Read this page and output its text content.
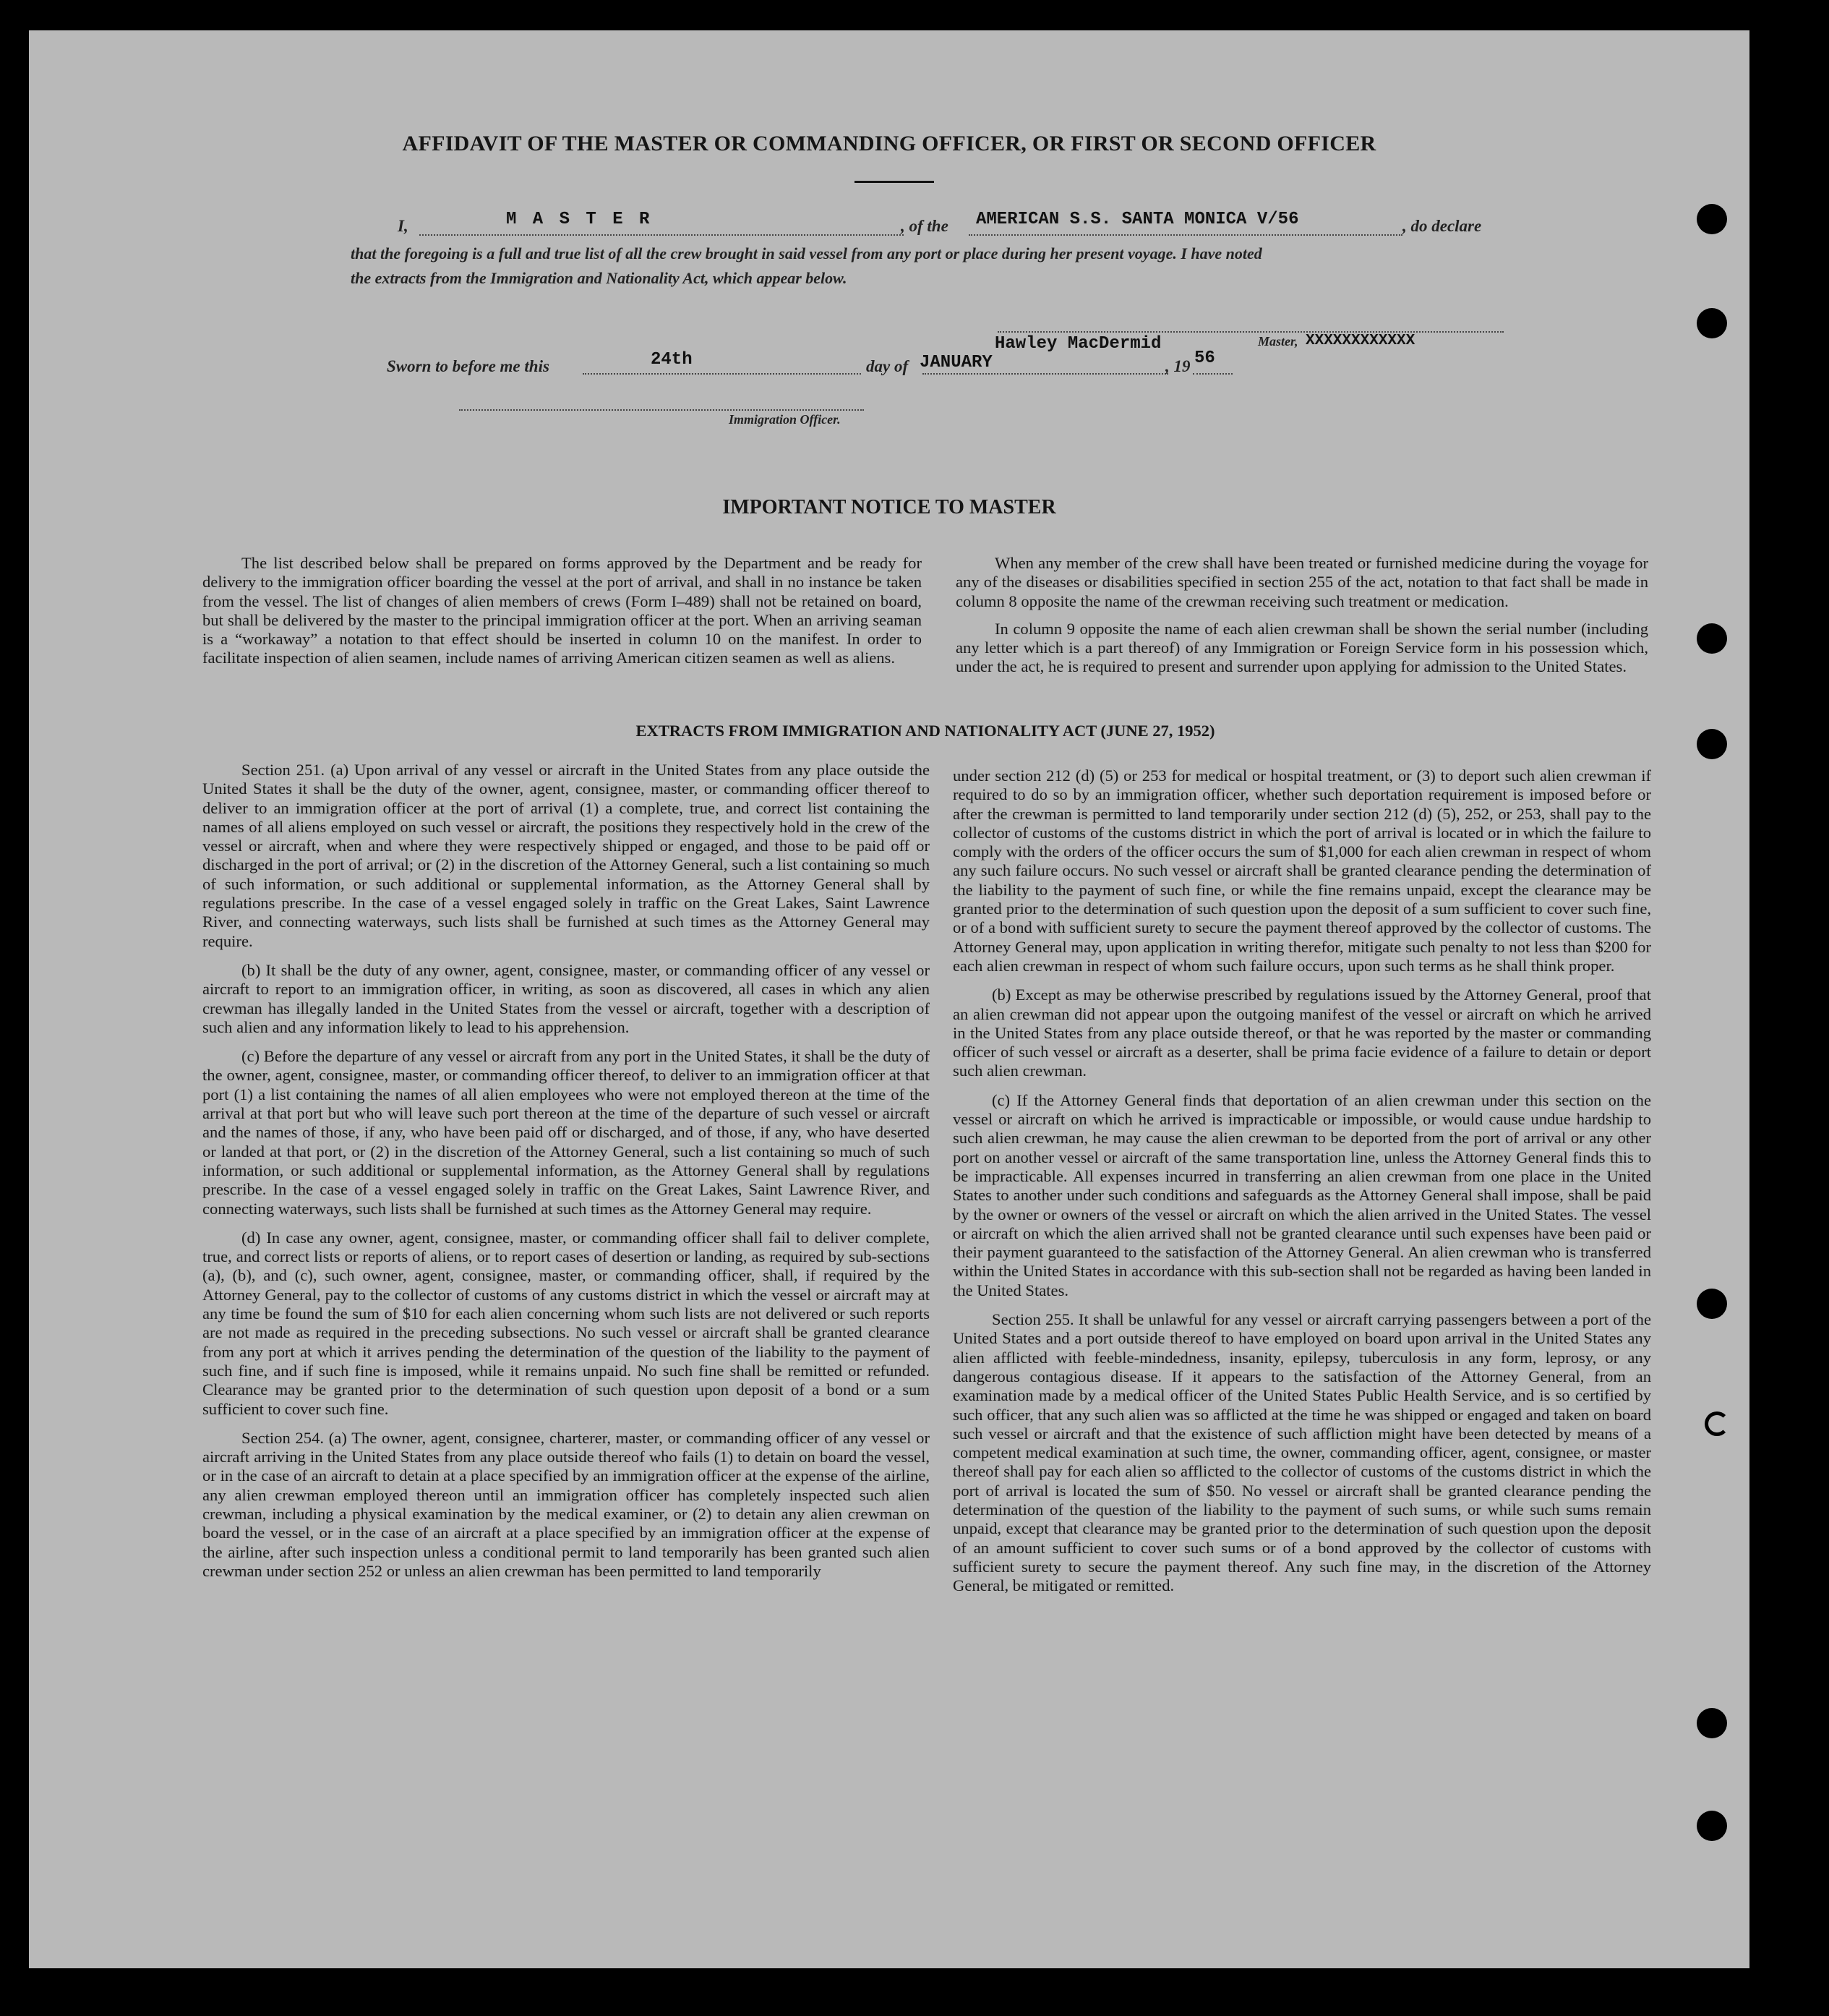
AFFIDAVIT OF THE MASTER OR COMMANDING OFFICER, OR FIRST OR SECOND OFFICER
I,	M A S T E R	, of the AMERICAN S.S. SANTA MONICA V/56	, do declare
that the foregoing is a full and true list of all the crew brought in said vessel from any port or place during her present voyage. I have noted
the extracts from the Immigration and Nationality Act, which appear below.
Sworn to before me this	24th	day of JANUARY
Hawley MacDermid
, 19 56
Master, XXXXXXXXXXXX
Immigration Officer.
IMPORTANT NOTICE TO MASTER

The list described below shall be prepared on forms approved by the Department and be ready for delivery to the immigration officer boarding the vessel at the port of arrival, and shall in no instance be taken from the vessel. The list of changes of alien members of crews (Form I–489) shall not be retained on board, but shall be delivered by the master to the principal immigration officer at the port. When an arriving seaman is a “workaway” a notation to that effect should be inserted in column 10 on the manifest. In order to facilitate inspection of alien seamen, include names of arriving American citizen seamen as well as aliens.

When any member of the crew shall have been treated or furnished medicine during the voyage for any of the diseases or disabilities specified in section 255 of the act, notation to that fact shall be made in column 8 opposite the name of the crewman receiving such treatment or medication.

In column 9 opposite the name of each alien crewman shall be shown the serial number (including any letter which is a part thereof) of any Immigration or Foreign Service form in his possession which, under the act, he is required to present and surrender upon applying for admission to the United States.

EXTRACTS FROM IMMIGRATION AND NATIONALITY ACT (JUNE 27, 1952)

Section 251. (a) Upon arrival of any vessel or aircraft in the United States from any place outside the United States it shall be the duty of the owner, agent, consignee, master, or commanding officer thereof to deliver to an immigration officer at the port of arrival (1) a complete, true, and correct list containing the names of all aliens employed on such vessel or aircraft, the positions they respectively hold in the crew of the vessel or aircraft, when and where they were respectively shipped or engaged, and those to be paid off or discharged in the port of arrival; or (2) in the discretion of the Attorney General, such a list containing so much of such information, or such additional or supplemental information, as the Attorney General shall by regulations prescribe. In the case of a vessel engaged solely in traffic on the Great Lakes, Saint Lawrence River, and connecting waterways, such lists shall be furnished at such times as the Attorney General may require.

(b) It shall be the duty of any owner, agent, consignee, master, or commanding officer of any vessel or aircraft to report to an immigration officer, in writing, as soon as discovered, all cases in which any alien crewman has illegally landed in the United States from the vessel or aircraft, together with a description of such alien and any information likely to lead to his apprehension.

(c) Before the departure of any vessel or aircraft from any port in the United States, it shall be the duty of the owner, agent, consignee, master, or commanding officer thereof, to deliver to an immigration officer at that port (1) a list containing the names of all alien employees who were not employed thereon at the time of the arrival at that port but who will leave such port thereon at the time of the departure of such vessel or aircraft and the names of those, if any, who have been paid off or discharged, and of those, if any, who have deserted or landed at that port, or (2) in the discretion of the Attorney General, such a list containing so much of such information, or such additional or supplemental information, as the Attorney General shall by regulations prescribe. In the case of a vessel engaged solely in traffic on the Great Lakes, Saint Lawrence River, and connecting waterways, such lists shall be furnished at such times as the Attorney General may require.

(d) In case any owner, agent, consignee, master, or commanding officer shall fail to deliver complete, true, and correct lists or reports of aliens, or to report cases of desertion or landing, as required by sub-sections (a), (b), and (c), such owner, agent, consignee, master, or commanding officer, shall, if required by the Attorney General, pay to the collector of customs of any customs district in which the vessel or aircraft may at any time be found the sum of $10 for each alien concerning whom such lists are not delivered or such reports are not made as required in the preceding subsections. No such vessel or aircraft shall be granted clearance from any port at which it arrives pending the determination of the question of the liability to the payment of such fine, and if such fine is imposed, while it remains unpaid. No such fine shall be remitted or refunded. Clearance may be granted prior to the determination of such question upon deposit of a bond or a sum sufficient to cover such fine.

Section 254. (a) The owner, agent, consignee, charterer, master, or commanding officer of any vessel or aircraft arriving in the United States from any place outside thereof who fails (1) to detain on board the vessel, or in the case of an aircraft to detain at a place specified by an immigration officer at the expense of the airline, any alien crewman employed thereon until an immigration officer has completely inspected such alien crewman, including a physical examination by the medical examiner, or (2) to detain any alien crewman on board the vessel, or in the case of an aircraft at a place specified by an immigration officer at the expense of the airline, after such inspection unless a conditional permit to land temporarily has been granted such alien crewman under section 252 or unless an alien crewman has been permitted to land temporarily

under section 212 (d) (5) or 253 for medical or hospital treatment, or (3) to deport such alien crewman if required to do so by an immigration officer, whether such deportation requirement is imposed before or after the crewman is permitted to land temporarily under section 212 (d) (5), 252, or 253, shall pay to the collector of customs of the customs district in which the port of arrival is located or in which the failure to comply with the orders of the officer occurs the sum of $1,000 for each alien crewman in respect of whom any such failure occurs. No such vessel or aircraft shall be granted clearance pending the determination of the liability to the payment of such fine, or while the fine remains unpaid, except the clearance may be granted prior to the determination of such question upon the deposit of a sum sufficient to cover such fine, or of a bond with sufficient surety to secure the payment thereof approved by the collector of customs. The Attorney General may, upon application in writing therefor, mitigate such penalty to not less than $200 for each alien crewman in respect of whom such failure occurs, upon such terms as he shall think proper.

(b) Except as may be otherwise prescribed by regulations issued by the Attorney General, proof that an alien crewman did not appear upon the outgoing manifest of the vessel or aircraft on which he arrived in the United States from any place outside thereof, or that he was reported by the master or commanding officer of such vessel or aircraft as a deserter, shall be prima facie evidence of a failure to detain or deport such alien crewman.

(c) If the Attorney General finds that deportation of an alien crewman under this section on the vessel or aircraft on which he arrived is impracticable or impossible, or would cause undue hardship to such alien crewman, he may cause the alien crewman to be deported from the port of arrival or any other port on another vessel or aircraft of the same transportation line, unless the Attorney General finds this to be impracticable. All expenses incurred in transferring an alien crewman from one place in the United States to another under such conditions and safeguards as the Attorney General shall impose, shall be paid by the owner or owners of the vessel or aircraft on which the alien arrived in the United States. The vessel or aircraft on which the alien arrived shall not be granted clearance until such expenses have been paid or their payment guaranteed to the satisfaction of the Attorney General. An alien crewman who is transferred within the United States in accordance with this sub-section shall not be regarded as having been landed in the United States.

Section 255. It shall be unlawful for any vessel or aircraft carrying passengers between a port of the United States and a port outside thereof to have employed on board upon arrival in the United States any alien afflicted with feeble-mindedness, insanity, epilepsy, tuberculosis in any form, leprosy, or any dangerous contagious disease. If it appears to the satisfaction of the Attorney General, from an examination made by a medical officer of the United States Public Health Service, and is so certified by such officer, that any such alien was so afflicted at the time he was shipped or engaged and taken on board such vessel or aircraft and that the existence of such affliction might have been detected by means of a competent medical examination at such time, the owner, commanding officer, agent, consignee, or master thereof shall pay for each alien so afflicted to the collector of customs of the customs district in which the port of arrival is located the sum of $50. No vessel or aircraft shall be granted clearance pending the determination of the question of the liability to the payment of such sums, or while such sums remain unpaid, except that clearance may be granted prior to the determination of such question upon the deposit of an amount sufficient to cover such sums or of a bond approved by the collector of customs with sufficient surety to secure the payment thereof. Any such fine may, in the discretion of the Attorney General, be mitigated or remitted.
